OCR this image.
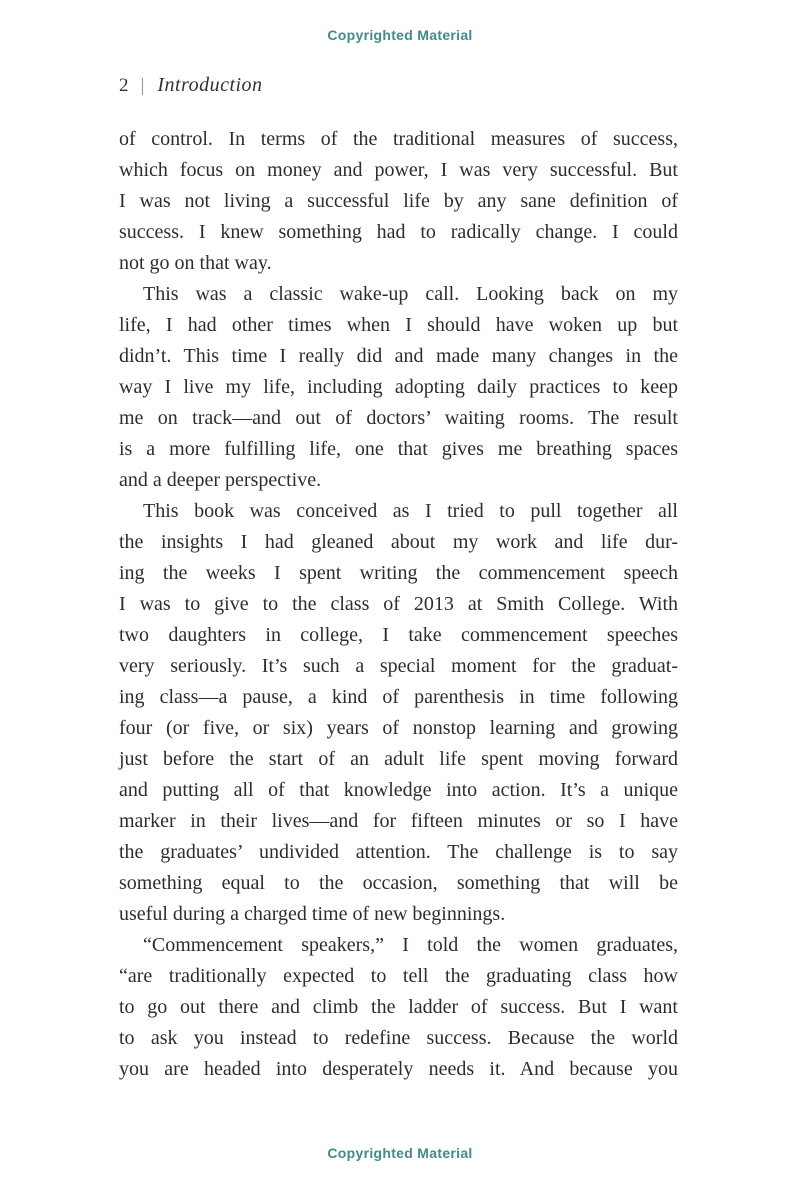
Copyrighted Material
2 | Introduction
of control. In terms of the traditional measures of success,
which focus on money and power, I was very successful. But
I was not living a successful life by any sane definition of
success. I knew something had to radically change. I could
not go on that way.
This was a classic wake-up call. Looking back on my
life, I had other times when I should have woken up but
didn’t. This time I really did and made many changes in the
way I live my life, including adopting daily practices to keep
me on track—and out of doctors’ waiting rooms. The result
is a more fulfilling life, one that gives me breathing spaces
and a deeper perspective.
This book was conceived as I tried to pull together all
the insights I had gleaned about my work and life dur-
ing the weeks I spent writing the commencement speech
I was to give to the class of 2013 at Smith College. With
two daughters in college, I take commencement speeches
very seriously. It’s such a special moment for the graduat-
ing class—a pause, a kind of parenthesis in time following
four (or five, or six) years of nonstop learning and growing
just before the start of an adult life spent moving forward
and putting all of that knowledge into action. It’s a unique
marker in their lives—and for fifteen minutes or so I have
the graduates’ undivided attention. The challenge is to say
something equal to the occasion, something that will be
useful during a charged time of new beginnings.
“Commencement speakers,” I told the women graduates,
“are traditionally expected to tell the graduating class how
to go out there and climb the ladder of success. But I want
to ask you instead to redefine success. Because the world
you are headed into desperately needs it. And because you
Copyrighted Material
